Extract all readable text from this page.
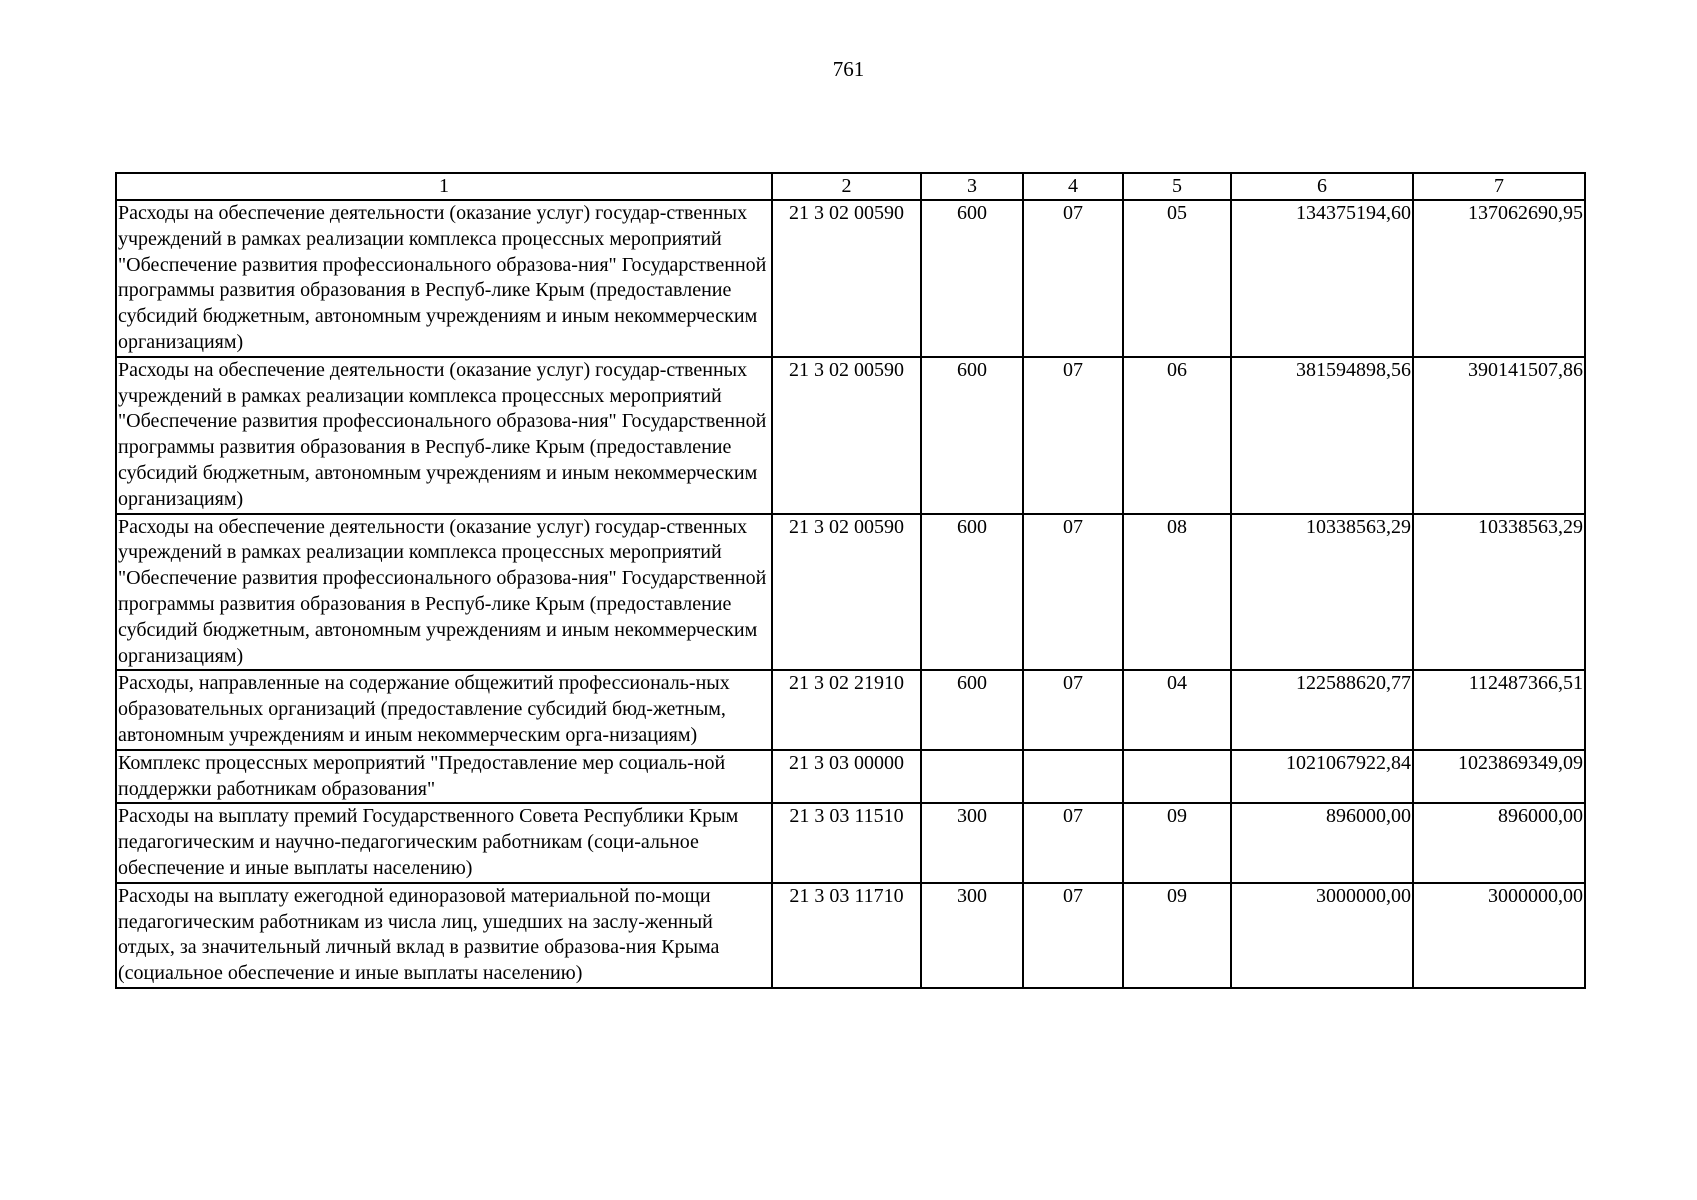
761
1	2	3	4	5	6	7
Расходы на обеспечение деятельности (оказание услуг) государ-ственных учреждений в рамках реализации комплекса процессных мероприятий "Обеспечение развития профессионального образова-ния" Государственной программы развития образования в Респуб-лике Крым (предоставление субсидий бюджетным, автономным учреждениям и иным некоммерческим организациям)	21 3 02 00590	600	07	05	134375194,60	137062690,95
Расходы на обеспечение деятельности (оказание услуг) государ-ственных учреждений в рамках реализации комплекса процессных мероприятий "Обеспечение развития профессионального образова-ния" Государственной программы развития образования в Респуб-лике Крым (предоставление субсидий бюджетным, автономным учреждениям и иным некоммерческим организациям)	21 3 02 00590	600	07	06	381594898,56	390141507,86
Расходы на обеспечение деятельности (оказание услуг) государ-ственных учреждений в рамках реализации комплекса процессных мероприятий "Обеспечение развития профессионального образова-ния" Государственной программы развития образования в Респуб-лике Крым (предоставление субсидий бюджетным, автономным учреждениям и иным некоммерческим организациям)	21 3 02 00590	600	07	08	10338563,29	10338563,29
Расходы, направленные на содержание общежитий профессиональ-ных образовательных организаций (предоставление субсидий бюд-жетным, автономным учреждениям и иным некоммерческим орга-низациям)	21 3 02 21910	600	07	04	122588620,77	112487366,51
Комплекс процессных мероприятий "Предоставление мер социаль-ной поддержки работникам образования"	21 3 03 00000				1021067922,84	1023869349,09
Расходы на выплату премий Государственного Совета Республики Крым педагогическим и научно-педагогическим работникам (соци-альное обеспечение и иные выплаты населению)	21 3 03 11510	300	07	09	896000,00	896000,00
Расходы на выплату ежегодной единоразовой материальной по-мощи педагогическим работникам из числа лиц, ушедших на заслу-женный отдых, за значительный личный вклад в развитие образова-ния Крыма (социальное обеспечение и иные выплаты населению)	21 3 03 11710	300	07	09	3000000,00	3000000,00
